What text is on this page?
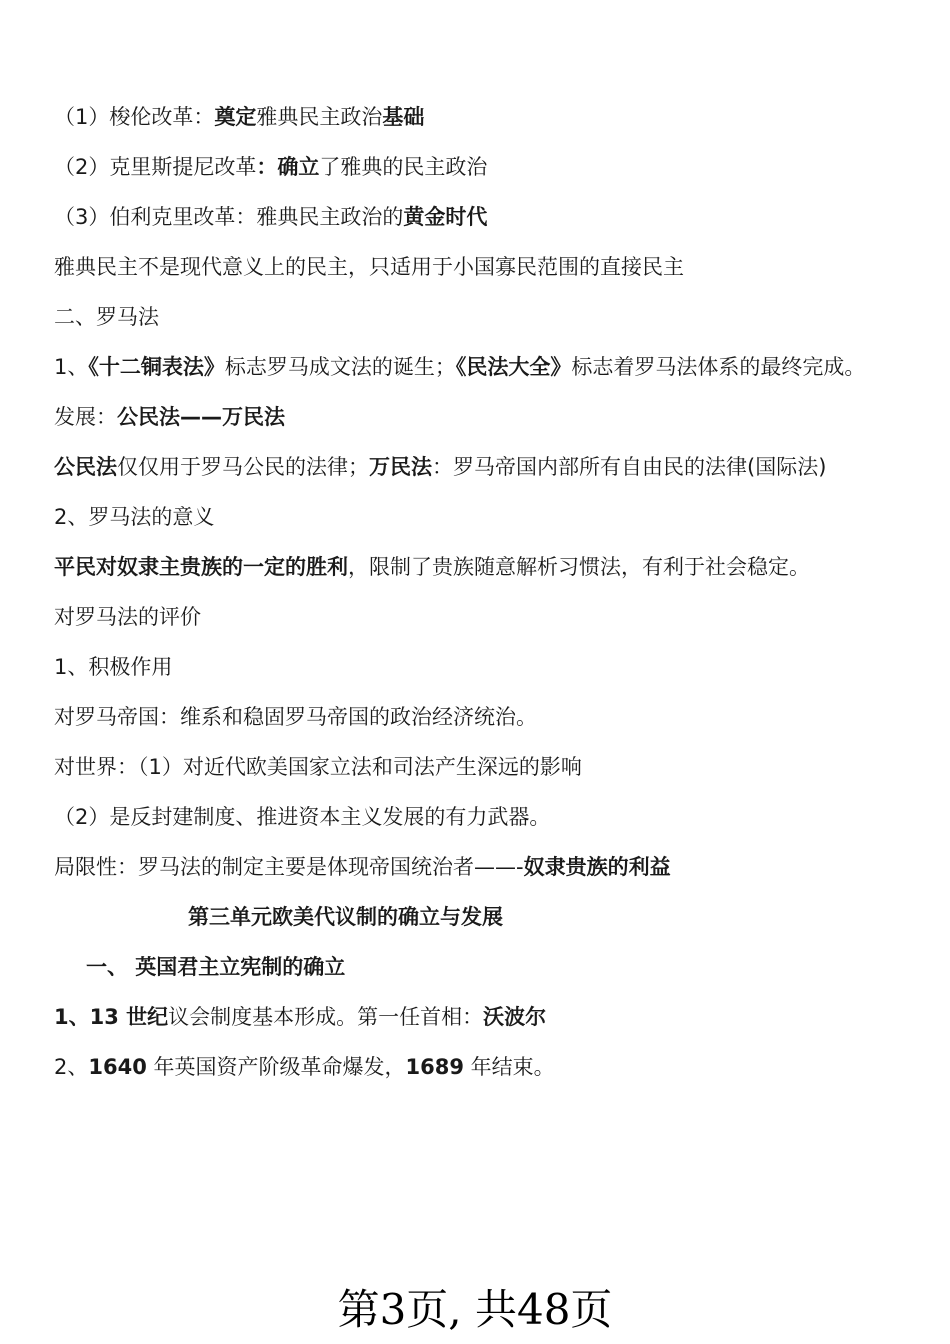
（1）梭伦改革：奠定雅典民主政治基础
（2）克里斯提尼改革：确立了雅典的民主政治
（3）伯利克里改革：雅典民主政治的黄金时代
雅典民主不是现代意义上的民主，只适用于小国寡民范围的直接民主
二、罗马法
1、《十二铜表法》标志罗马成文法的诞生；《民法大全》标志着罗马法体系的最终完成。
发展：公民法——万民法
公民法仅仅用于罗马公民的法律；万民法：罗马帝国内部所有自由民的法律(国际法)
2、罗马法的意义
平民对奴隶主贵族的一定的胜利，限制了贵族随意解析习惯法，有利于社会稳定。
对罗马法的评价
1、积极作用
对罗马帝国：维系和稳固罗马帝国的政治经济统治。
对世界：（1）对近代欧美国家立法和司法产生深远的影响
（2）是反封建制度、推进资本主义发展的有力武器。
局限性：罗马法的制定主要是体现帝国统治者——-奴隶贵族的利益
第三单元欧美代议制的确立与发展
一、 英国君主立宪制的确立
1、13 世纪议会制度基本形成。第一任首相：沃波尔
2、1640 年英国资产阶级革命爆发，1689 年结束。
第3页, 共48页
